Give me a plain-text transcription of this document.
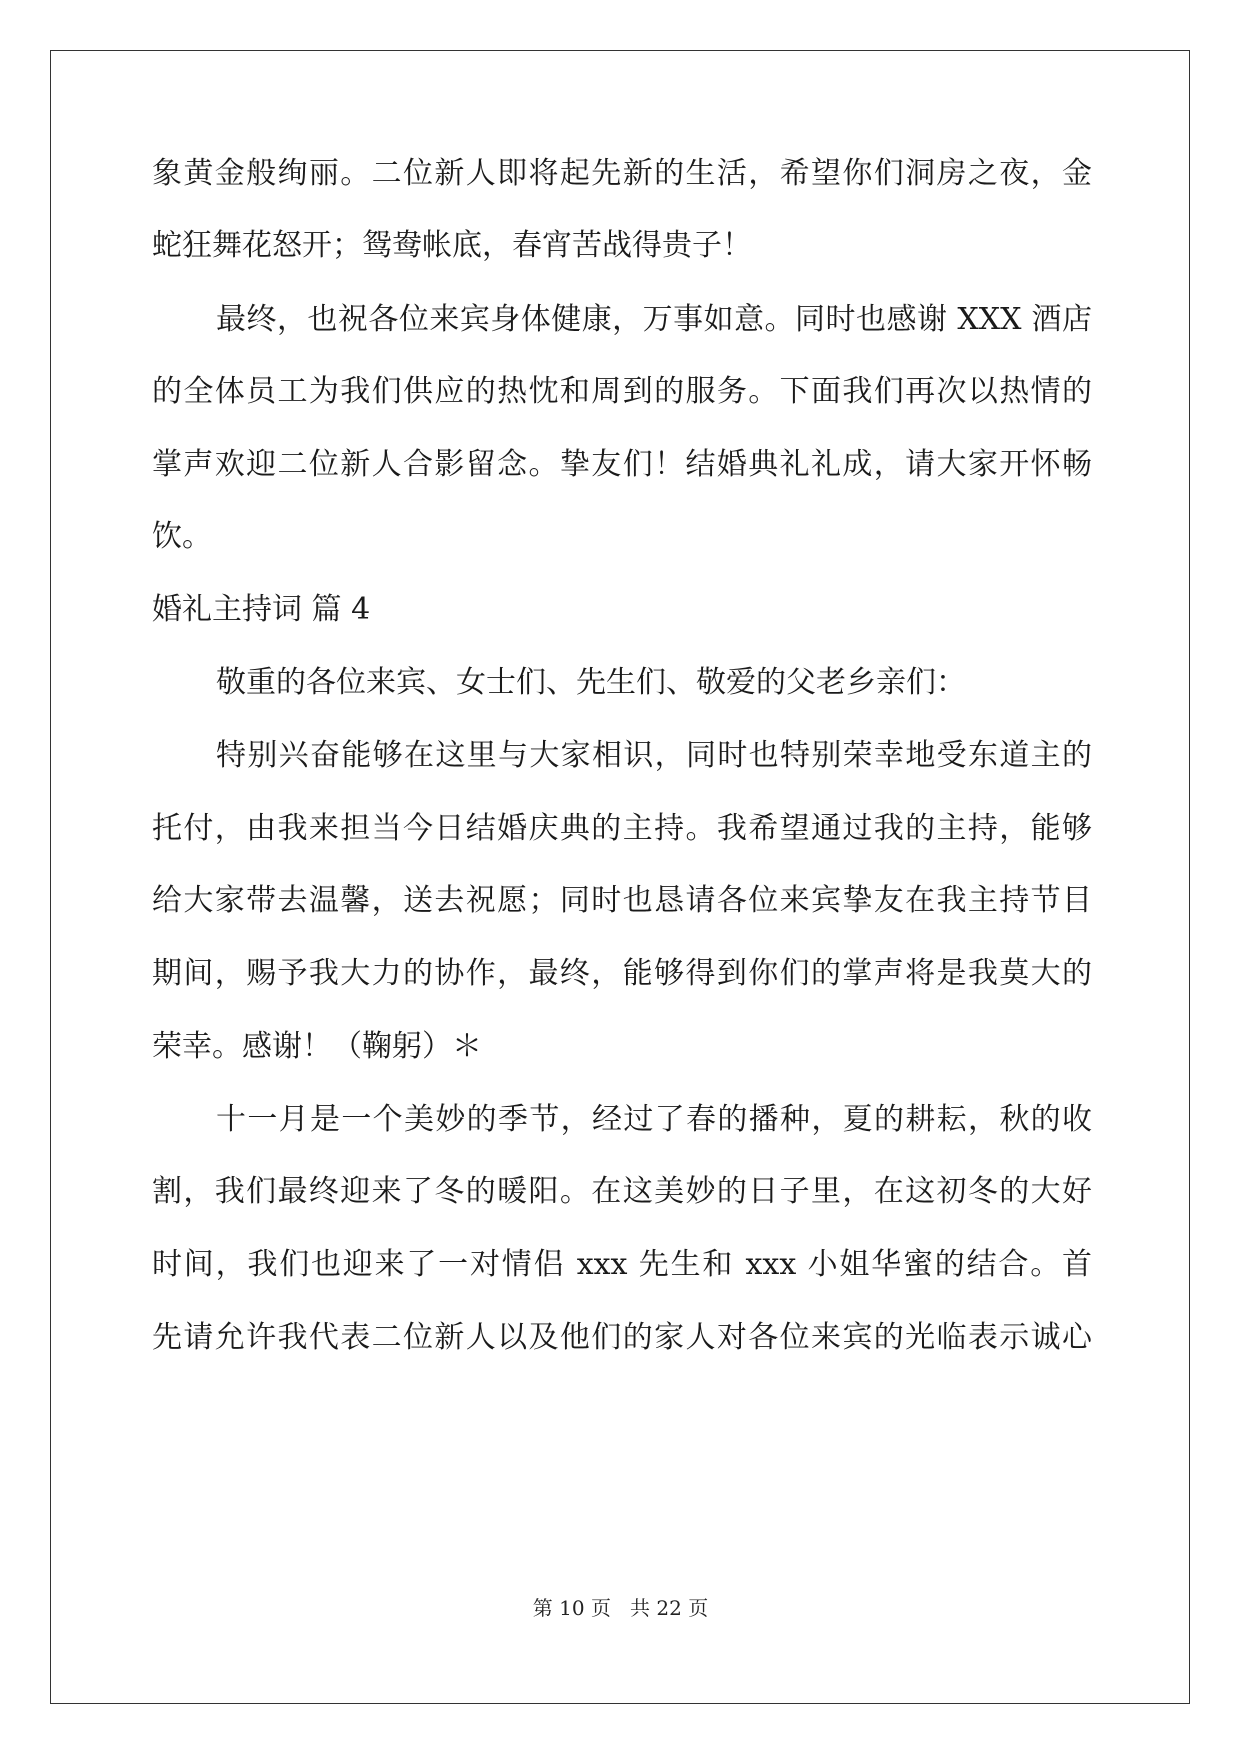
象黄金般绚丽。二位新人即将起先新的生活，希望你们洞房之夜，金
蛇狂舞花怒开；鸳鸯帐底，春宵苦战得贵子！
最终，也祝各位来宾身体健康，万事如意。同时也感谢 XXX 酒店
的全体员工为我们供应的热忱和周到的服务。下面我们再次以热情的
掌声欢迎二位新人合影留念。挚友们！结婚典礼礼成，请大家开怀畅
饮。
婚礼主持词 篇 4
敬重的各位来宾、女士们、先生们、敬爱的父老乡亲们：
特别兴奋能够在这里与大家相识，同时也特别荣幸地受东道主的
托付，由我来担当今日结婚庆典的主持。我希望通过我的主持，能够
给大家带去温馨，送去祝愿；同时也恳请各位来宾挚友在我主持节目
期间，赐予我大力的协作，最终，能够得到你们的掌声将是我莫大的
荣幸。感谢！（鞠躬）＊
十一月是一个美妙的季节，经过了春的播种，夏的耕耘，秋的收
割，我们最终迎来了冬的暖阳。在这美妙的日子里，在这初冬的大好
时间，我们也迎来了一对情侣 xxx 先生和 xxx 小姐华蜜的结合。首
先请允许我代表二位新人以及他们的家人对各位来宾的光临表示诚心
第 10 页 共 22 页
